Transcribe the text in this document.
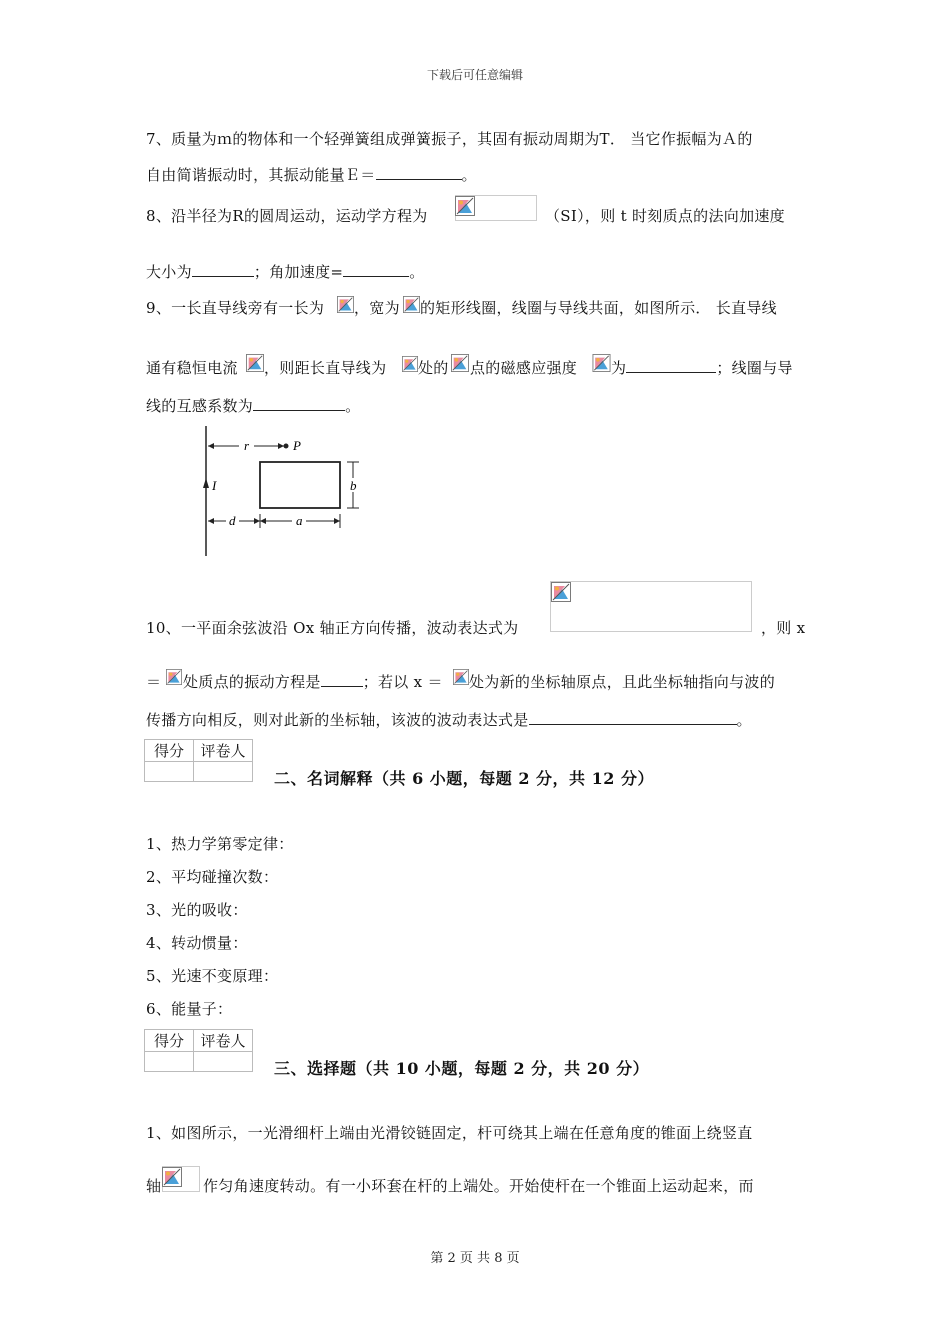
下载后可任意编辑
7、质量为ｍ的物体和一个轻弹簧组成弹簧振子，其固有振动周期为T． 当它作振幅为Ａ的
自由简谐振动时，其振动能量Ｅ＝	。
8、沿半径为R的圆周运动，运动学方程为	（SI），则 t 时刻质点的法向加速度
大小为	；角加速度=	。
9、一长直导线旁有一长为 ，宽为 的矩形线圈，线圈与导线共面，如图所示． 长直导线
通有稳恒电流 ，则距长直导线为 处的 点的磁感应强度 为	；线圈与导
线的互感系数为	。
I
r	P
b
d	a
10、一平面余弦波沿 Ox 轴正方向传播，波动表达式为	，则 x
＝ 处质点的振动方程是	；若以 x ＝ 处为新的坐标轴原点，且此坐标轴指向与波的
传播方向相反，则对此新的坐标轴，该波的波动表达式是	。
得分	评卷人

二、名词解释（共 6 小题，每题 2 分，共 12 分）
1、热力学第零定律：
2、平均碰撞次数：
3、光的吸收：
4、转动惯量：
5、光速不变原理：
6、能量子：
得分	评卷人

三、选择题（共 10 小题，每题 2 分，共 20 分）
1、如图所示，一光滑细杆上端由光滑铰链固定，杆可绕其上端在任意角度的锥面上绕竖直
轴	作匀角速度转动。有一小环套在杆的上端处。开始使杆在一个锥面上运动起来，而
第 2 页 共 8 页
